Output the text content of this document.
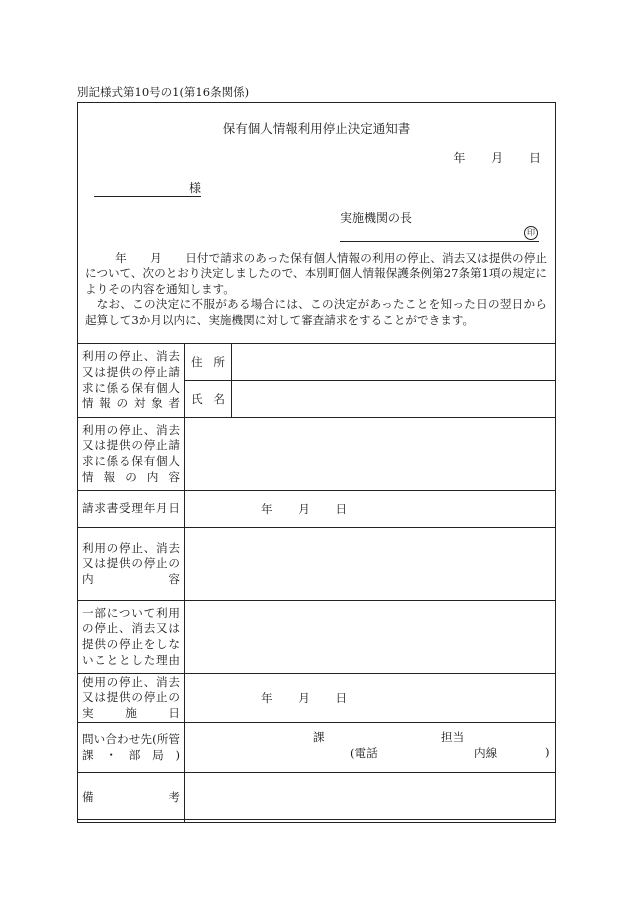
別記様式第10号の1(第16条関係)
保有個人情報利用停止決定通知書
年 月 日
様
実施機関の長
印

年　　月　　日付で請求のあった保有個人情報の利用の停止、消去又は提供の停止について、次のとおり決定しましたので、本別町個人情報保護条例第27条第1項の規定によりその内容を通知します。

なお、この決定に不服がある場合には、この決定があったことを知った日の翌日から起算して3か月以内に、実施機関に対して審査請求をすることができます。

利用の停止、消去又は提供の停止請求に係る保有個人情報の対象者	住所	
	氏名	
利用の停止、消去又は提供の停止請求に係る保有個人情報の内容		
請求書受理年月日	年 月 日	
利用の停止、消去又は提供の停止の内容		
一部について利用の停止、消去又は提供の停止をしないこととした理由		
使用の停止、消去又は提供の停止の実施日	年 月 日	
問い合わせ先(所管課・部局)	課 担当
(電話 内線 )	

備考		
